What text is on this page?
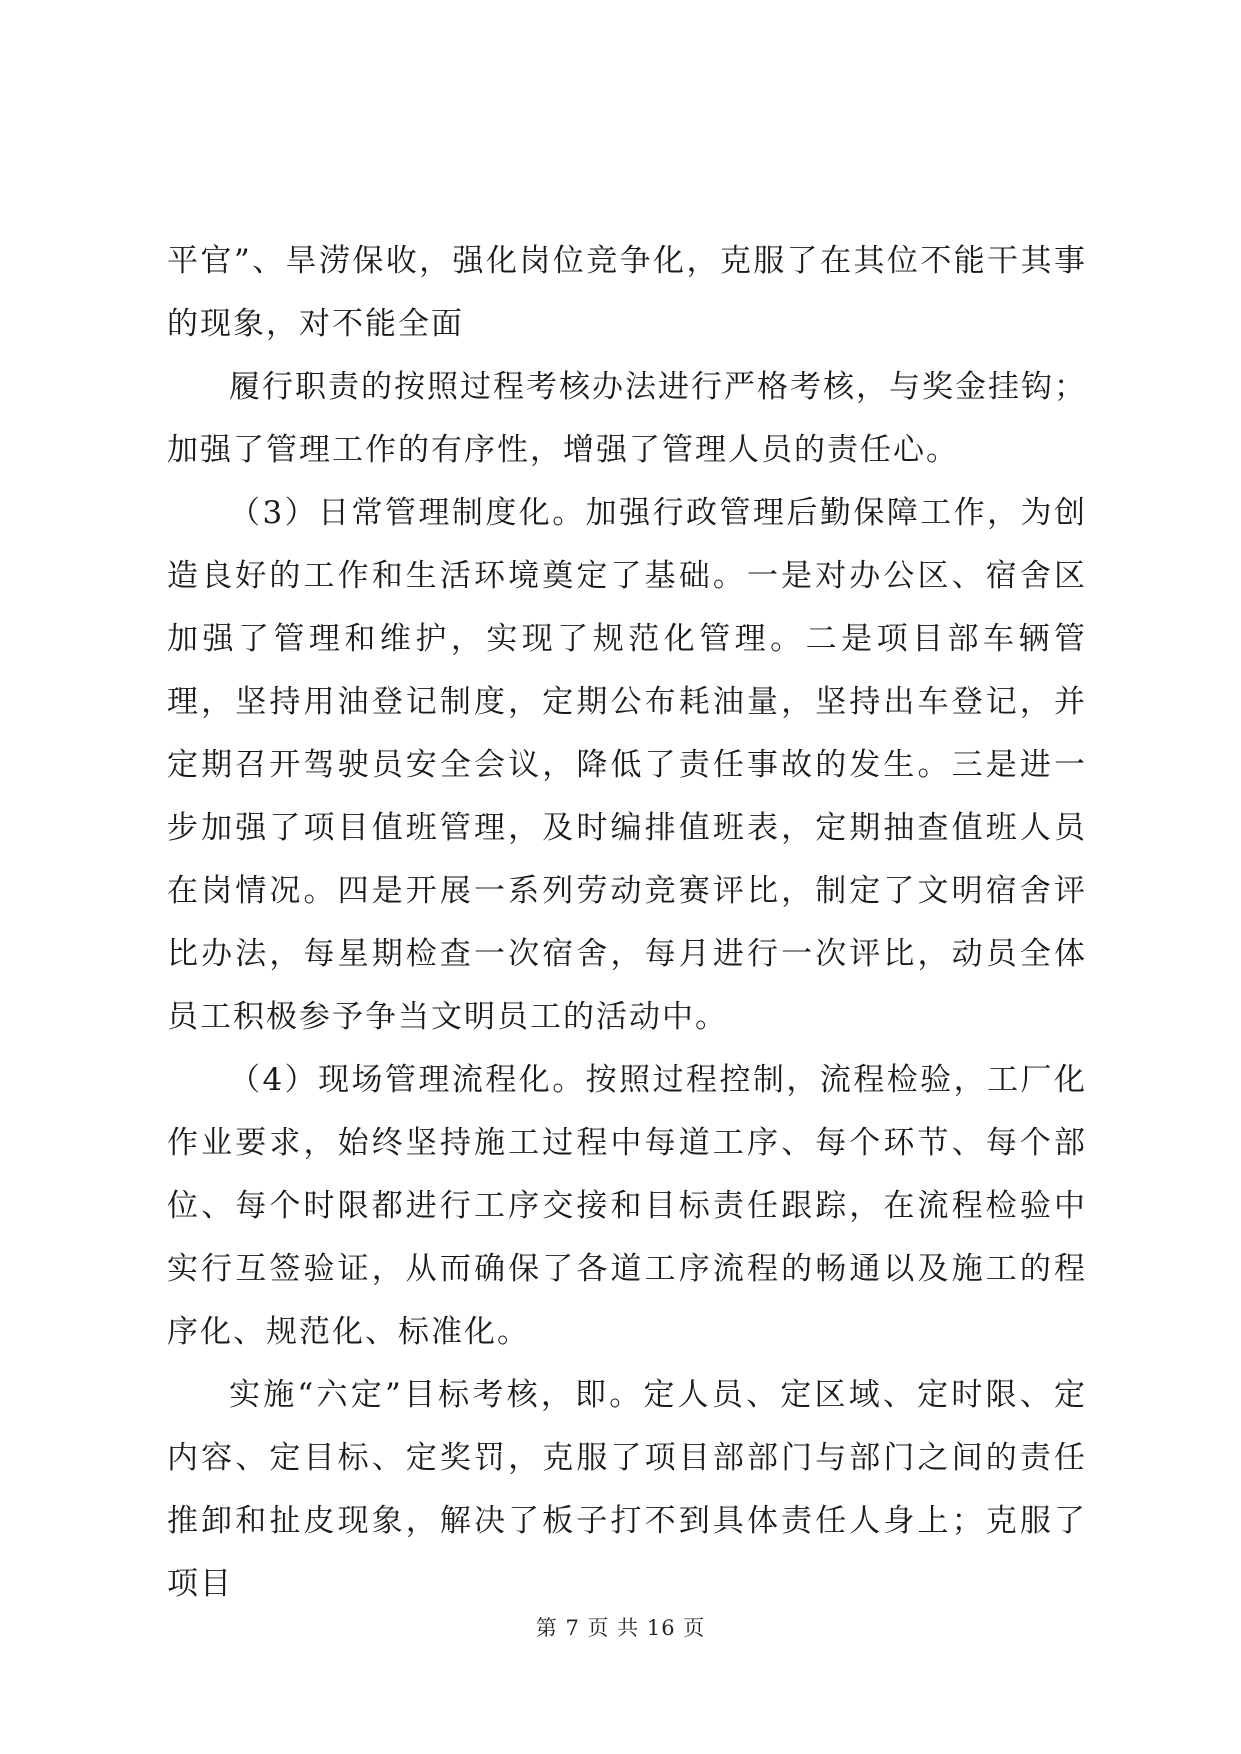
平官”、旱涝保收，强化岗位竞争化，克服了在其位不能干其事的现象，对不能全面

履行职责的按照过程考核办法进行严格考核，与奖金挂钩；加强了管理工作的有序性，增强了管理人员的责任心。

（3）日常管理制度化。加强行政管理后勤保障工作，为创造良好的工作和生活环境奠定了基础。一是对办公区、宿舍区加强了管理和维护，实现了规范化管理。二是项目部车辆管理，坚持用油登记制度，定期公布耗油量，坚持出车登记，并定期召开驾驶员安全会议，降低了责任事故的发生。三是进一步加强了项目值班管理，及时编排值班表，定期抽查值班人员在岗情况。四是开展一系列劳动竞赛评比，制定了文明宿舍评比办法，每星期检查一次宿舍，每月进行一次评比，动员全体员工积极参予争当文明员工的活动中。

（4）现场管理流程化。按照过程控制，流程检验，工厂化作业要求，始终坚持施工过程中每道工序、每个环节、每个部位、每个时限都进行工序交接和目标责任跟踪，在流程检验中实行互签验证，从而确保了各道工序流程的畅通以及施工的程序化、规范化、标准化。

实施“六定”目标考核，即。定人员、定区域、定时限、定内容、定目标、定奖罚，克服了项目部部门与部门之间的责任推卸和扯皮现象，解决了板子打不到具体责任人身上；克服了项目

第 7 页 共 16 页
